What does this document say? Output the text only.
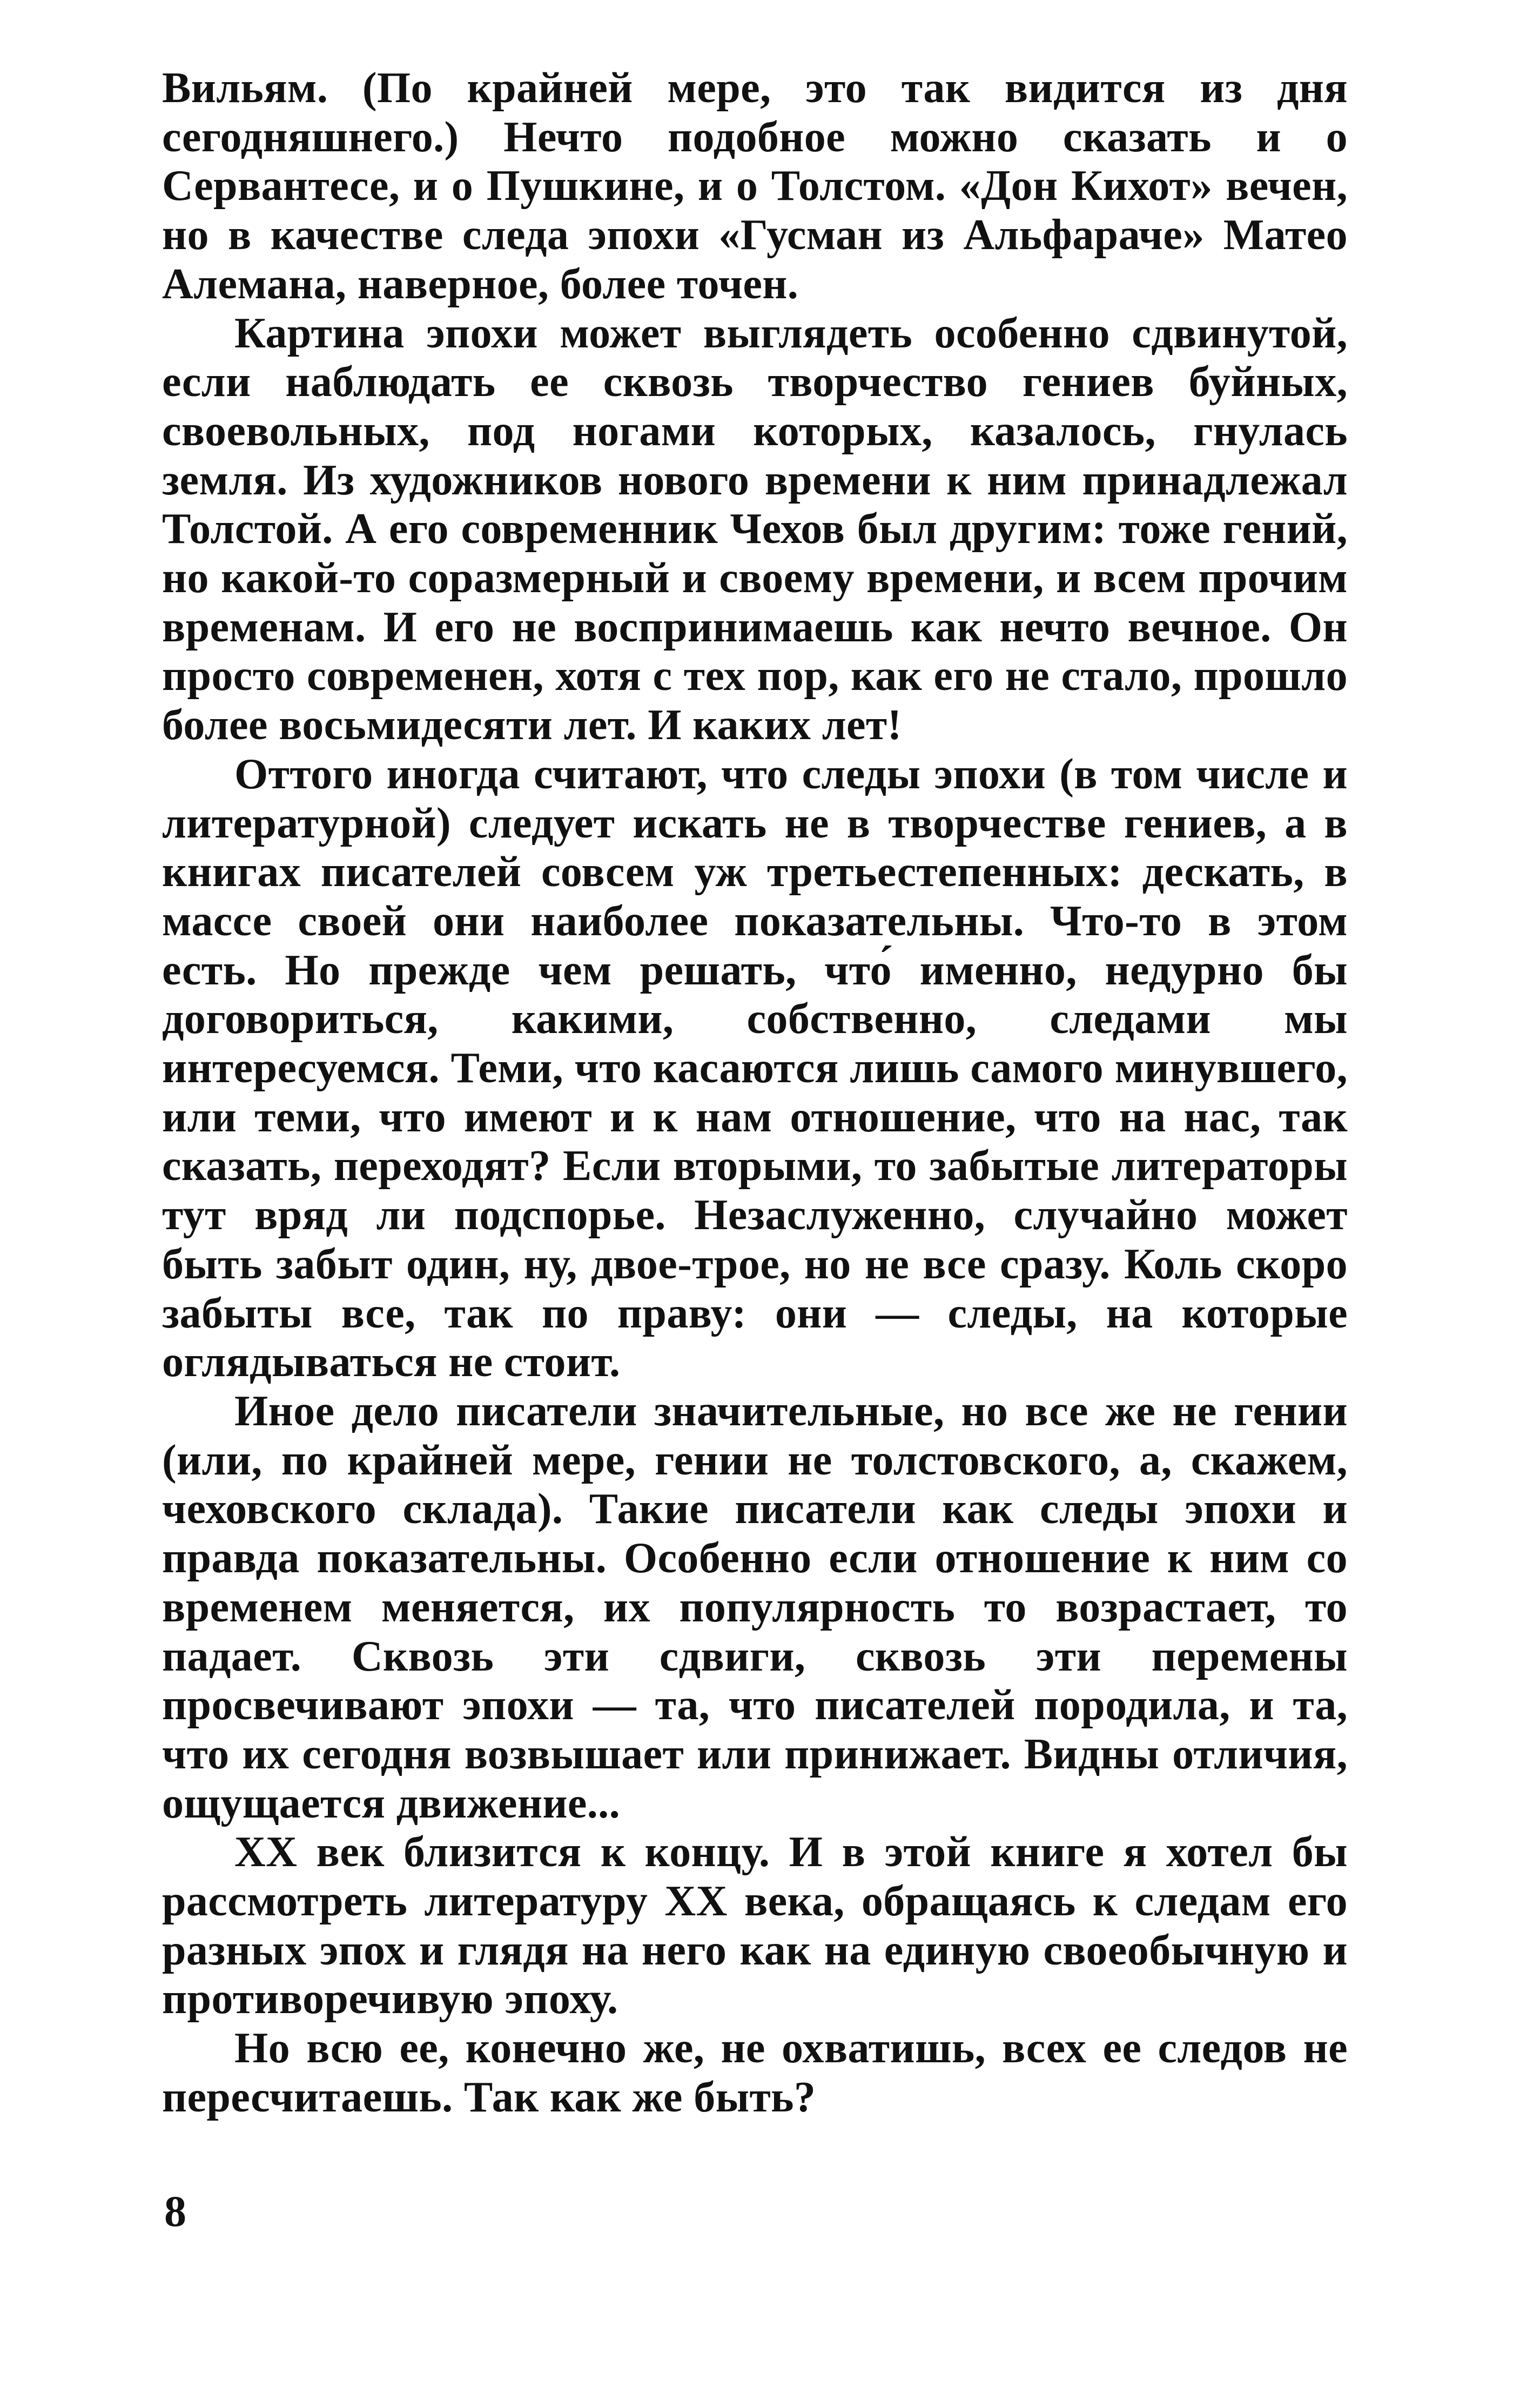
Вильям. (По крайней мере, это так видится из дня сегодняшнего.) Нечто подобное можно сказать и о Сервантесе, и о Пушкине, и о Толстом. «Дон Кихот» вечен, но в качестве следа эпохи «Гусман из Альфараче» Матео Алемана, наверное, более точен.

Картина эпохи может выглядеть особенно сдвинутой, если наблюдать ее сквозь творчество гениев буйных, своевольных, под ногами которых, казалось, гнулась земля. Из художников нового времени к ним принадлежал Толстой. А его современник Чехов был другим: тоже гений, но какой-то соразмерный и своему времени, и всем прочим временам. И его не воспринимаешь как нечто вечное. Он просто современен, хотя с тех пор, как его не стало, прошло более восьмидесяти лет. И каких лет!

Оттого иногда считают, что следы эпохи (в том числе и литературной) следует искать не в творчестве гениев, а в книгах писателей совсем уж третьестепенных: дескать, в массе своей они наиболее показательны. Что-то в этом есть. Но прежде чем решать, что́ именно, недурно бы договориться, какими, собственно, следами мы интересуемся. Теми, что касаются лишь самого минувшего, или теми, что имеют и к нам отношение, что на нас, так сказать, переходят? Если вторыми, то забытые литераторы тут вряд ли подспорье. Незаслуженно, случайно может быть забыт один, ну, двое-трое, но не все сразу. Коль скоро забыты все, так по праву: они — следы, на которые оглядываться не стоит.

Иное дело писатели значительные, но все же не гении (или, по крайней мере, гении не толстовского, а, скажем, чеховского склада). Такие писатели как следы эпохи и правда показательны. Особенно если отношение к ним со временем меняется, их популярность то возрастает, то падает. Сквозь эти сдвиги, сквозь эти перемены просвечивают эпохи — та, что писателей породила, и та, что их сегодня возвышает или принижает. Видны отличия, ощущается движение...

XX век близится к концу. И в этой книге я хотел бы рассмотреть литературу XX века, обращаясь к следам его разных эпох и глядя на него как на единую своеобычную и противоречивую эпоху.

Но всю ее, конечно же, не охватишь, всех ее следов не пересчитаешь. Так как же быть?

8
